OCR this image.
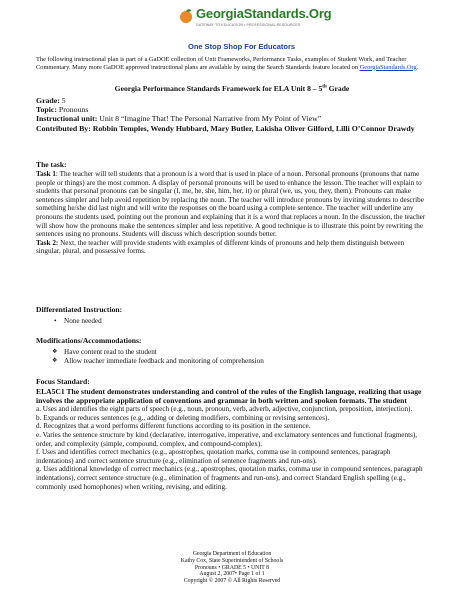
GeorgiaStandards.Org
GATEWAY TO EDUCATION • PROFESSIONAL RESOURCES
One Stop Shop For Educators
The following instructional plan is part of a GaDOE collection of Unit Frameworks, Performance Tasks, examples of Student Work, and Teacher Commentary. Many more GaDOE approved instructional plans are available by using the Search Standards feature located on GeorgiaStandards.Org.
Georgia Performance Standards Framework for ELA Unit 8 – 5th Grade
Grade: 5
Topic: Pronouns
Instructional unit: Unit 8 “Imagine That! The Personal Narrative from My Point of View”
Contributed By: Robbin Temples, Wendy Hubbard, Mary Butler, Lakisha Oliver Gilford, Lilli O’Connor Drawdy
The task:
Task 1: The teacher will tell students that a pronoun is a word that is used in place of a noun. Personal pronouns (pronouns that name people or things) are the most common. A display of personal pronouns will be used to enhance the lesson. The teacher will explain to students that personal pronouns can be singular (I, me, he, she, him, her, it) or plural (we, us, you, they, them). Pronouns can make sentences simpler and help avoid repetition by replacing the noun. The teacher will introduce pronouns by inviting students to describe something he/she did last night and will write the responses on the board using a complete sentence. The teacher will underline any pronouns the students used, pointing out the pronoun and explaining that it is a word that replaces a noun. In the discussion, the teacher will show how the pronouns make the sentences simpler and less repetitive. A good technique is to illustrate this point by rewriting the sentences using no pronouns. Students will discuss which description sounds better.
Task 2: Next, the teacher will provide students with examples of different kinds of pronouns and help them distinguish between singular, plural, and possessive forms.
Differentiated Instruction:
• None needed
Modifications/Accommodations:
❖ Have content read to the student
❖ Allow teacher immediate feedback and monitoring of comprehension
Focus Standard:
ELA5C1 The student demonstrates understanding and control of the rules of the English language, realizing that usage involves the appropriate application of conventions and grammar in both written and spoken formats. The student
a. Uses and identifies the eight parts of speech (e.g., noun, pronoun, verb, adverb, adjective, conjunction, preposition, interjection).
b. Expands or reduces sentences (e.g., adding or deleting modifiers, combining or revising sentences).
d. Recognizes that a word performs different functions according to its position in the sentence.
e. Varies the sentence structure by kind (declarative, interrogative, imperative, and exclamatory sentences and functional fragments), order, and complexity (simple, compound, complex, and compound-complex).
f. Uses and identifies correct mechanics (e.g., apostrophes, quotation marks, comma use in compound sentences, paragraph indentations) and correct sentence structure (e.g., elimination of sentence fragments and run-ons).
g. Uses additional knowledge of correct mechanics (e.g., apostrophes, quotation marks, comma use in compound sentences, paragraph indentations), correct sentence structure (e.g., elimination of fragments and run-ons), and correct Standard English spelling (e.g., commonly used homophones) when writing, revising, and editing.
Georgia Department of Education
Kathy Cox, State Superintendent of Schools
Pronouns • GRADE 5 • UNIT 8
August 2, 2007• Page 1 of 1
Copyright © 2007 © All Rights Reserved
